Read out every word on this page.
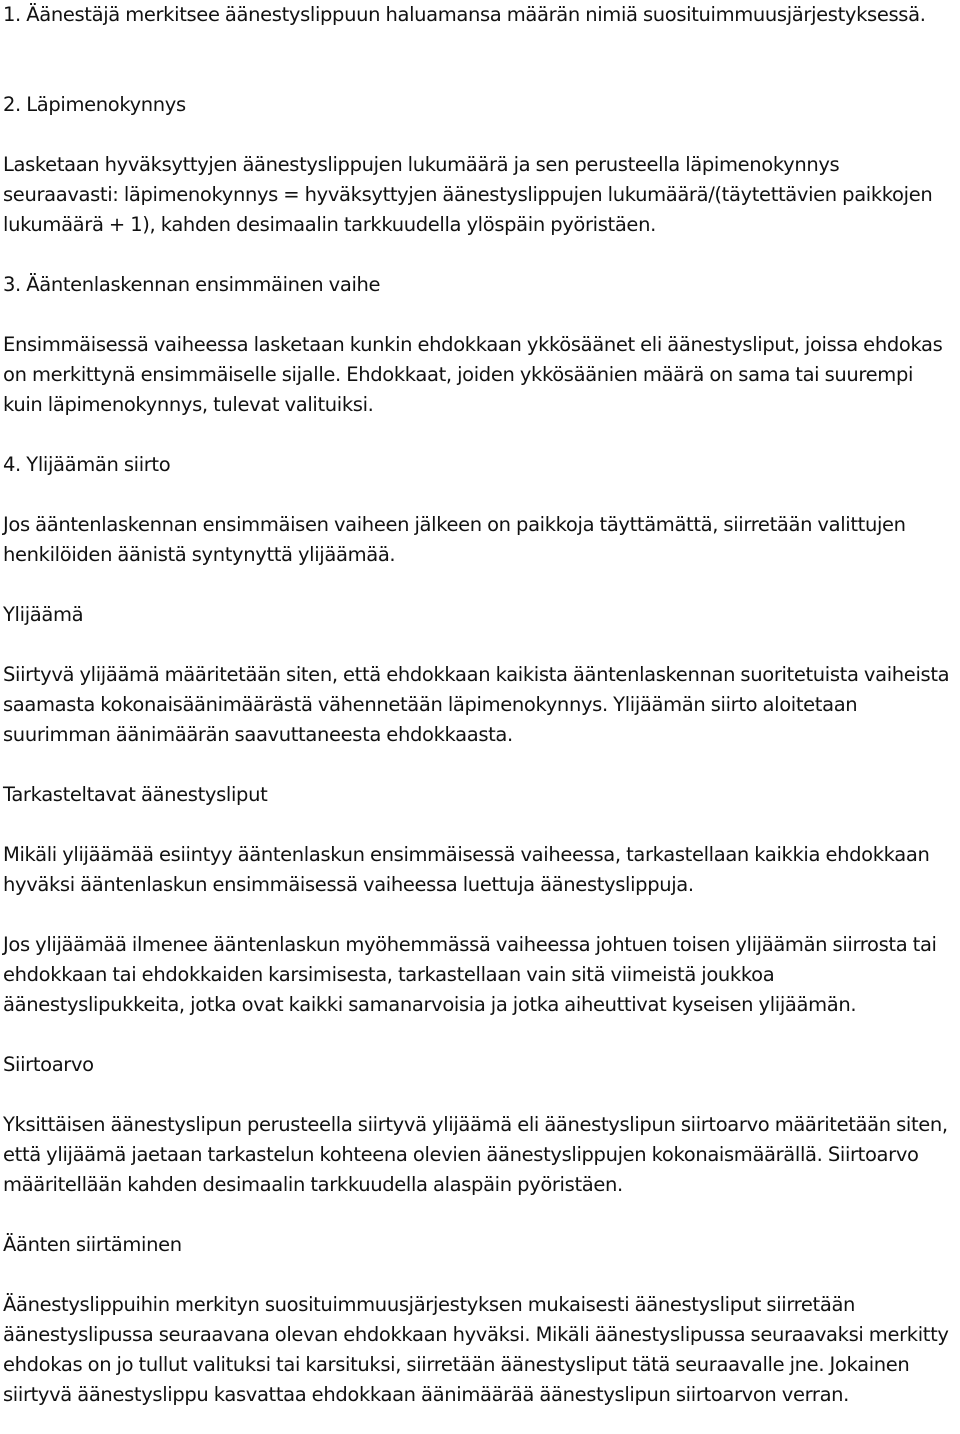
1. Äänestäjä merkitsee äänestyslippuun haluamansa määrän nimiä suosituimmuusjärjestyksessä.

2. Läpimenokynnys

Lasketaan hyväksyttyjen äänestyslippujen lukumäärä ja sen perusteella läpimenokynnys seuraavasti: läpimenokynnys = hyväksyttyjen äänestyslippujen lukumäärä/(täytettävien paikkojen lukumäärä + 1), kahden desimaalin tarkkuudella ylöspäin pyöristäen.

3. Ääntenlaskennan ensimmäinen vaihe

Ensimmäisessä vaiheessa lasketaan kunkin ehdokkaan ykkösäänet eli äänestysliput, joissa ehdokas on merkittynä ensimmäiselle sijalle. Ehdokkaat, joiden ykkösäänien määrä on sama tai suurempi kuin läpimenokynnys, tulevat valituiksi.

4. Ylijäämän siirto

Jos ääntenlaskennan ensimmäisen vaiheen jälkeen on paikkoja täyttämättä, siirretään valittujen henkilöiden äänistä syntynyttä ylijäämää.

Ylijäämä

Siirtyvä ylijäämä määritetään siten, että ehdokkaan kaikista ääntenlaskennan suoritetuista vaiheista saamasta kokonaisäänimäärästä vähennetään läpimenokynnys. Ylijäämän siirto aloitetaan suurimman äänimäärän saavuttaneesta ehdokkaasta.

Tarkasteltavat äänestysliput

Mikäli ylijäämää esiintyy ääntenlaskun ensimmäisessä vaiheessa, tarkastellaan kaikkia ehdokkaan hyväksi ääntenlaskun ensimmäisessä vaiheessa luettuja äänestyslippuja.

Jos ylijäämää ilmenee ääntenlaskun myöhemmässä vaiheessa johtuen toisen ylijäämän siirrosta tai ehdokkaan tai ehdokkaiden karsimisesta, tarkastellaan vain sitä viimeistä joukkoa äänestyslipukkeita, jotka ovat kaikki samanarvoisia ja jotka aiheuttivat kyseisen ylijäämän.

Siirtoarvo

Yksittäisen äänestyslipun perusteella siirtyvä ylijäämä eli äänestyslipun siirtoarvo määritetään siten, että ylijäämä jaetaan tarkastelun kohteena olevien äänestyslippujen kokonaismäärällä. Siirtoarvo määritellään kahden desimaalin tarkkuudella alaspäin pyöristäen.

Äänten siirtäminen

Äänestyslippuihin merkityn suosituimmuusjärjestyksen mukaisesti äänestysliput siirretään äänestyslipussa seuraavana olevan ehdokkaan hyväksi. Mikäli äänestyslipussa seuraavaksi merkitty ehdokas on jo tullut valituksi tai karsituksi, siirretään äänestysliput tätä seuraavalle jne. Jokainen siirtyvä äänestyslippu kasvattaa ehdokkaan äänimäärää äänestyslipun siirtoarvon verran.
